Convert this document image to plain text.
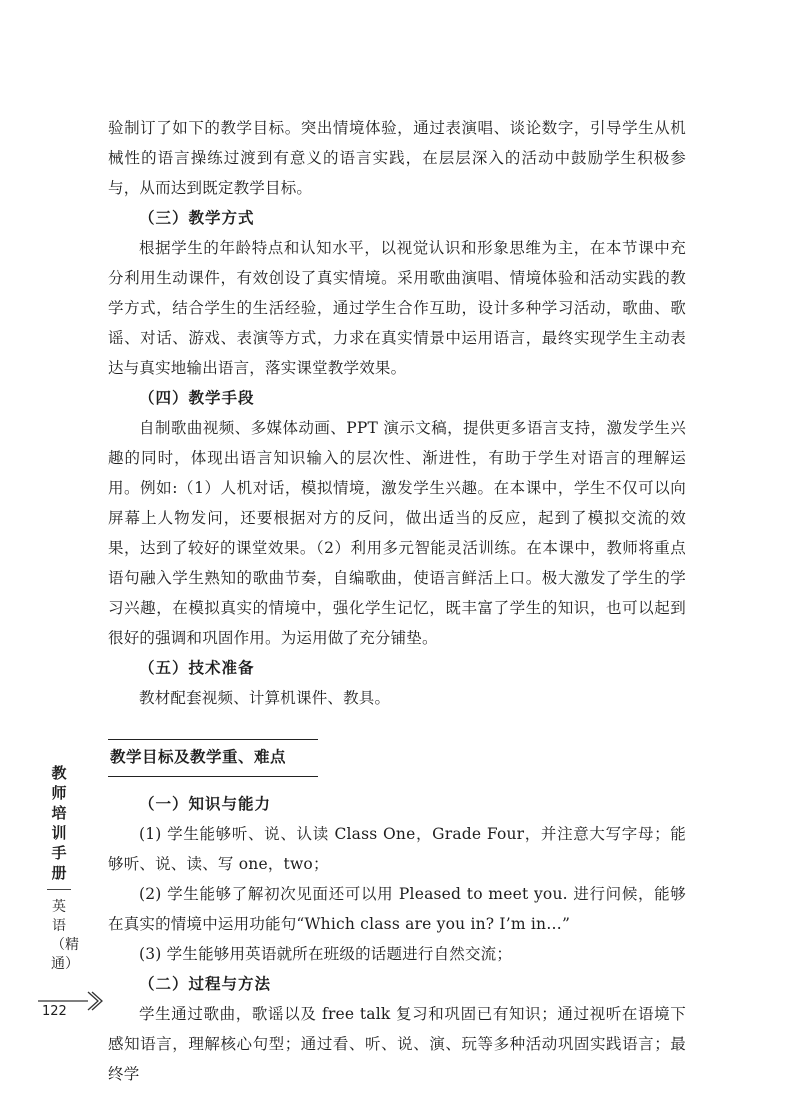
验制订了如下的教学目标。突出情境体验，通过表演唱、谈论数字，引导学生从机械性的语言操练过渡到有意义的语言实践，在层层深入的活动中鼓励学生积极参与，从而达到既定教学目标。

（三）教学方式

根据学生的年龄特点和认知水平，以视觉认识和形象思维为主，在本节课中充分利用生动课件，有效创设了真实情境。采用歌曲演唱、情境体验和活动实践的教学方式，结合学生的生活经验，通过学生合作互助，设计多种学习活动，歌曲、歌谣、对话、游戏、表演等方式，力求在真实情景中运用语言，最终实现学生主动表达与真实地输出语言，落实课堂教学效果。

（四）教学手段

自制歌曲视频、多媒体动画、PPT 演示文稿，提供更多语言支持，激发学生兴趣的同时，体现出语言知识输入的层次性、渐进性，有助于学生对语言的理解运用。例如:（1）人机对话，模拟情境，激发学生兴趣。在本课中，学生不仅可以向屏幕上人物发问，还要根据对方的反问，做出适当的反应，起到了模拟交流的效果，达到了较好的课堂效果。（2）利用多元智能灵活训练。在本课中，教师将重点语句融入学生熟知的歌曲节奏，自编歌曲，使语言鲜活上口。极大激发了学生的学习兴趣，在模拟真实的情境中，强化学生记忆，既丰富了学生的知识，也可以起到很好的强调和巩固作用。为运用做了充分铺垫。

（五）技术准备

教材配套视频、计算机课件、教具。

教学目标及教学重、难点

（一）知识与能力

(1) 学生能够听、说、认读 Class One，Grade Four，并注意大写字母；能够听、说、读、写 one，two；

(2) 学生能够了解初次见面还可以用 Pleased to meet you. 进行问候，能够在真实的情境中运用功能句“Which class are you in? I’m in…”

(3) 学生能够用英语就所在班级的话题进行自然交流；

（二）过程与方法

学生通过歌曲，歌谣以及 free talk 复习和巩固已有知识；通过视听在语境下感知语言，理解核心句型；通过看、听、说、演、玩等多种活动巩固实践语言；最终学

教师培训手册
英语（精通）
122
